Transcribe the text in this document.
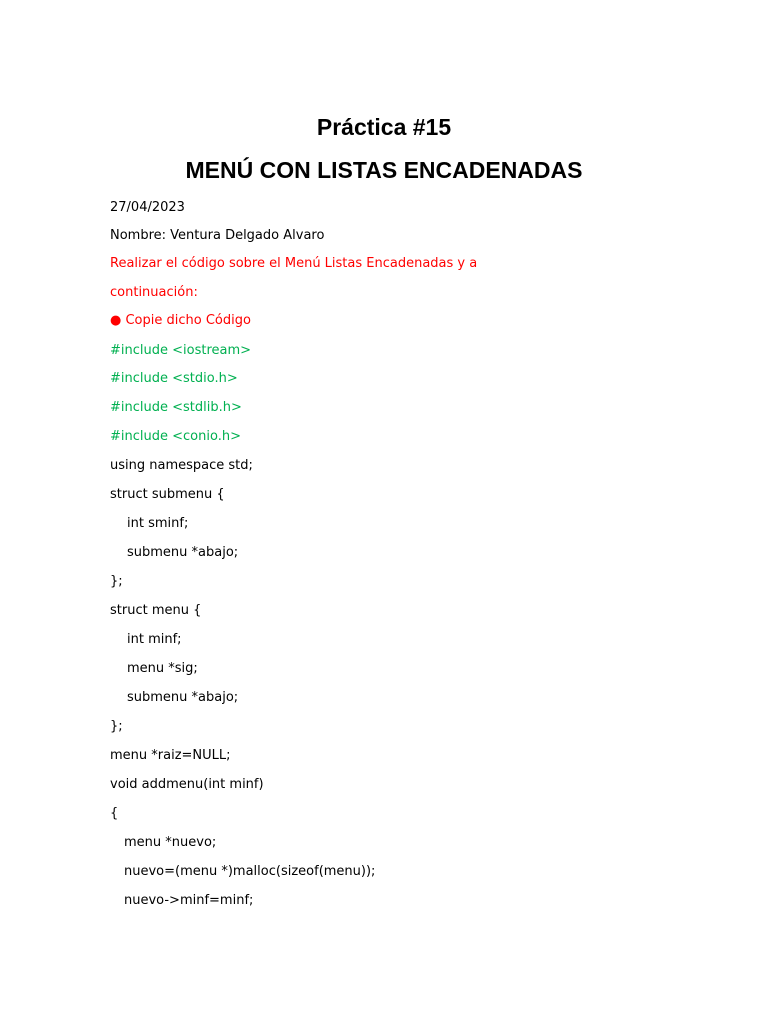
Práctica #15
MENÚ CON LISTAS ENCADENADAS
27/04/2023
Nombre: Ventura Delgado Alvaro
Realizar el código sobre el Menú Listas Encadenadas y a
continuación:
● Copie dicho Código
#include <iostream>
#include <stdio.h>
#include <stdlib.h>
#include <conio.h>
using namespace std;
struct submenu {
int sminf;
submenu *abajo;
};
struct menu {
int minf;
menu *sig;
submenu *abajo;
};
menu *raiz=NULL;
void addmenu(int minf)
{
menu *nuevo;
nuevo=(menu *)malloc(sizeof(menu));
nuevo->minf=minf;
